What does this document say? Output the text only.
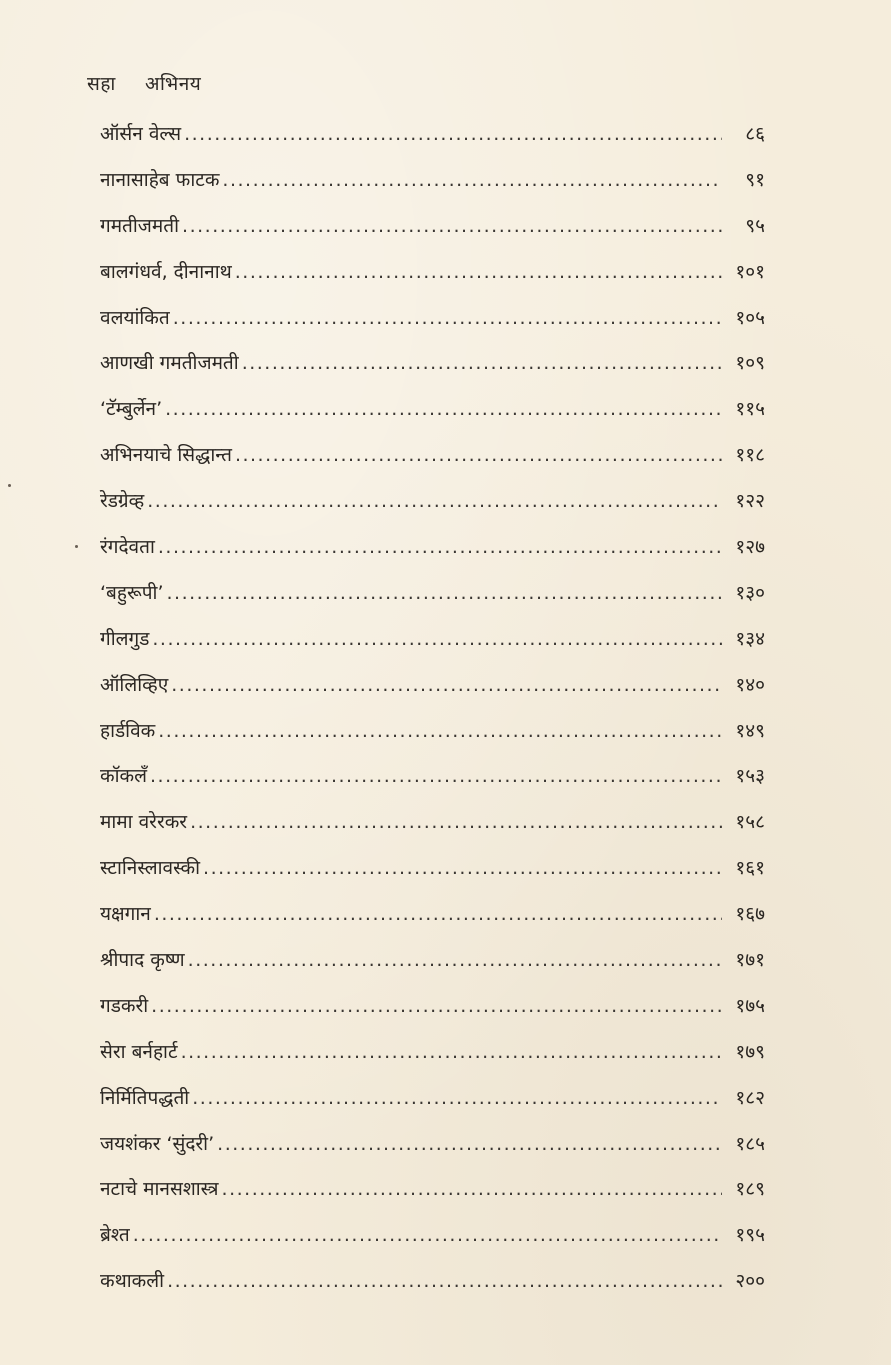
सहा अभिनय
ऑर्सन वेल्स .....	८६
नानासाहेब फाटक .....	९१
गमतीजमती .....	९५
बालगंधर्व, दीनानाथ .....	१०१
वलयांकित .....	१०५
आणखी गमतीजमती .....	१०९
‘टॅम्बुर्लेन’ .....	११५
अभिनयाचे सिद्धान्त .....	११८
रेडग्रेव्ह .....	१२२
रंगदेवता .....	१२७
‘बहुरूपी’ .....	१३०
गीलगुड .....	१३४
ऑलिव्हिए .....	१४०
हार्डविक .....	१४९
कॉकलँ .....	१५३
मामा वरेरकर .....	१५८
स्टानिस्लावस्की .....	१६१
यक्षगान .....	१६७
श्रीपाद कृष्ण .....	१७१
गडकरी .....	१७५
सेरा बर्नहार्ट .....	१७९
निर्मितिपद्धती .....	१८२
जयशंकर ‘सुंदरी’ .....	१८५
नटाचे मानसशास्त्र .....	१८९
ब्रेश्त .....	१९५
कथाकली .....	२००
